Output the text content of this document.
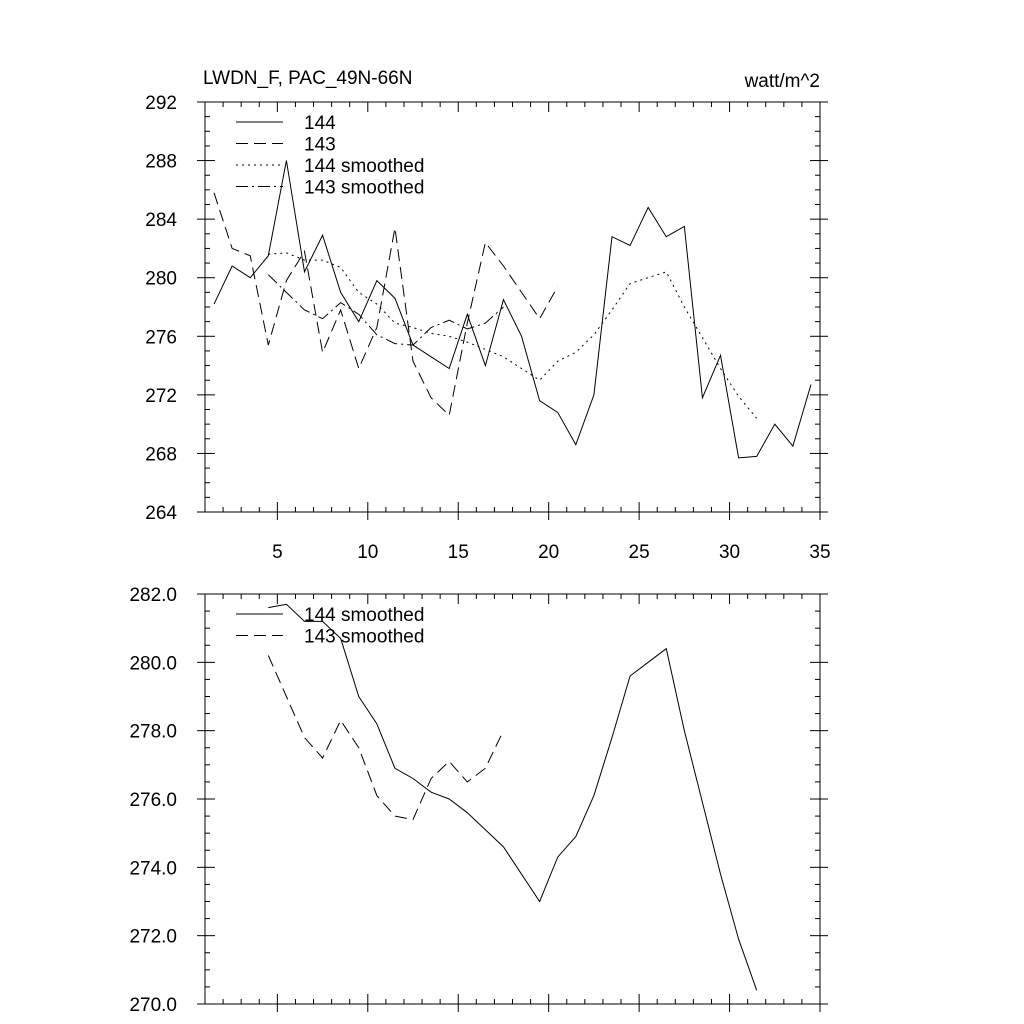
LWDN_F, PAC_49N-66N	watt/m^2
5	10	15	20	25	30	35
264
268
272
276
280
284
288
292
144
143
144 smoothed
143 smoothed
270.0
272.0
274.0
276.0
278.0
280.0
282.0
144 smoothed
143 smoothed
